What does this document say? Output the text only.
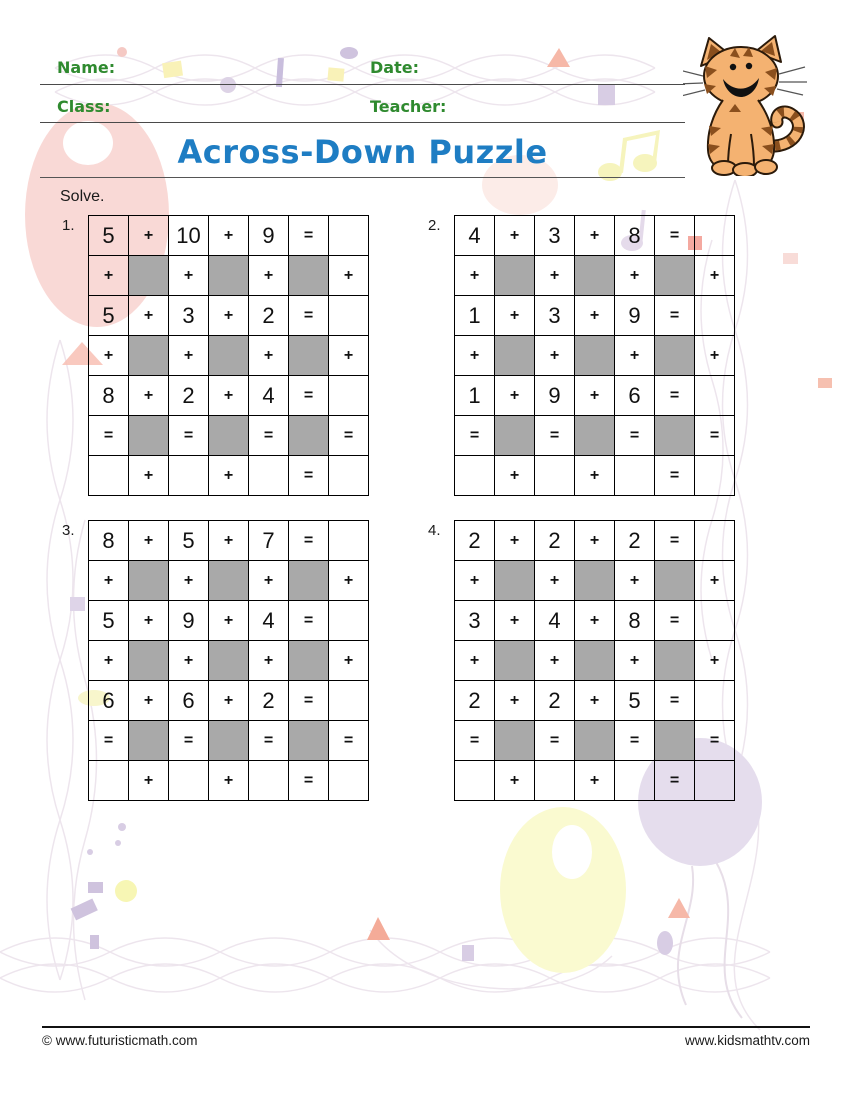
Name:	Date:
Class:	Teacher:
Across-Down Puzzle
Solve.
1.	5	+	10	+	9	=	
+		+		+		+
5	+	3	+	2	=	
+		+		+		+
8	+	2	+	4	=	
=		=		=		=
	+		+		=	
2.	4	+	3	+	8	=	
+		+		+		+
1	+	3	+	9	=	
+		+		+		+
1	+	9	+	6	=	
=		=		=		=
	+		+		=	
3.	8	+	5	+	7	=	
+		+		+		+
5	+	9	+	4	=	
+		+		+		+
6	+	6	+	2	=	
=		=		=		=
	+		+		=	
4.	2	+	2	+	2	=	
+		+		+		+
3	+	4	+	8	=	
+		+		+		+
2	+	2	+	5	=	
=		=		=		=
	+		+		=	
© www.futuristicmath.com	www.kidsmathtv.com
